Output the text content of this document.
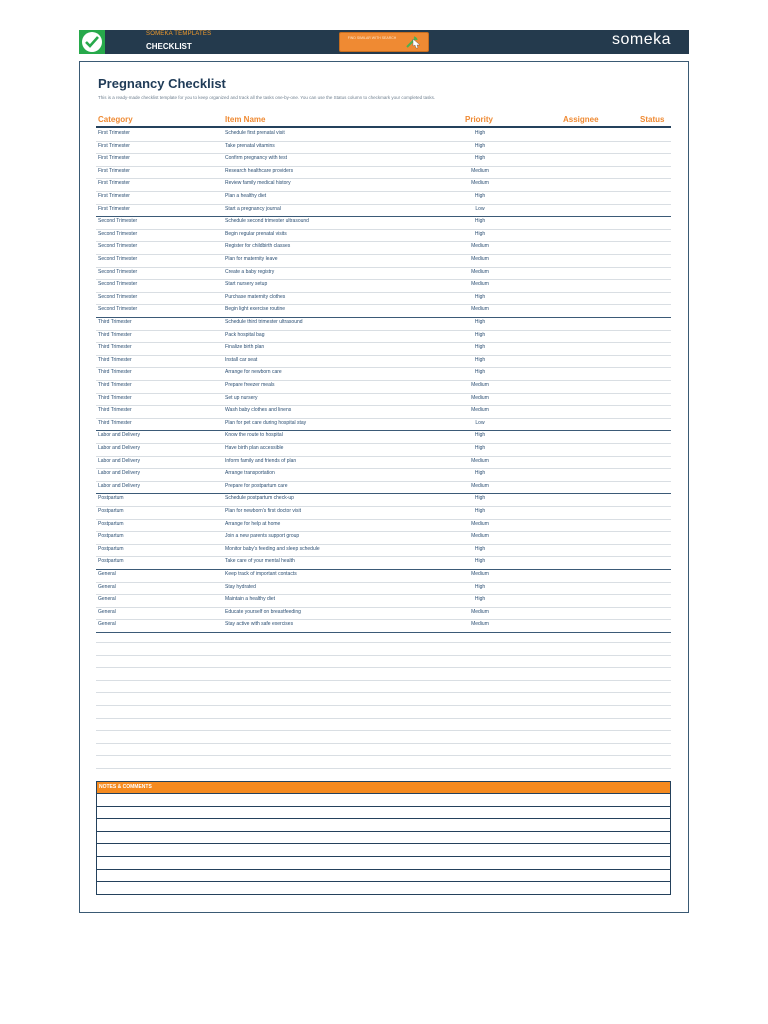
SOMEKA TEMPLATES
CHECKLIST
FIND SIMILAR WITH SEARCH	someka
Pregnancy Checklist
This is a ready-made checklist template for you to keep organized and track all the tasks one-by-one. You can use the Status column to checkmark your completed tasks.
Category	Item Name	Priority	Assignee	Status
First Trimester	Schedule first prenatal visit	High
First Trimester	Take prenatal vitamins	High
First Trimester	Confirm pregnancy with test	High
First Trimester	Research healthcare providers	Medium
First Trimester	Review family medical history	Medium
First Trimester	Plan a healthy diet	High
First Trimester	Start a pregnancy journal	Low
Second Trimester	Schedule second trimester ultrasound	High
Second Trimester	Begin regular prenatal visits	High
Second Trimester	Register for childbirth classes	Medium
Second Trimester	Plan for maternity leave	Medium
Second Trimester	Create a baby registry	Medium
Second Trimester	Start nursery setup	Medium
Second Trimester	Purchase maternity clothes	High
Second Trimester	Begin light exercise routine	Medium
Third Trimester	Schedule third trimester ultrasound	High
Third Trimester	Pack hospital bag	High
Third Trimester	Finalize birth plan	High
Third Trimester	Install car seat	High
Third Trimester	Arrange for newborn care	High
Third Trimester	Prepare freezer meals	Medium
Third Trimester	Set up nursery	Medium
Third Trimester	Wash baby clothes and linens	Medium
Third Trimester	Plan for pet care during hospital stay	Low
Labor and Delivery	Know the route to hospital	High
Labor and Delivery	Have birth plan accessible	High
Labor and Delivery	Inform family and friends of plan	Medium
Labor and Delivery	Arrange transportation	High
Labor and Delivery	Prepare for postpartum care	Medium
Postpartum	Schedule postpartum check-up	High
Postpartum	Plan for newborn's first doctor visit	High
Postpartum	Arrange for help at home	Medium
Postpartum	Join a new parents support group	Medium
Postpartum	Monitor baby's feeding and sleep schedule	High
Postpartum	Take care of your mental health	High
General	Keep track of important contacts	Medium
General	Stay hydrated	High
General	Maintain a healthy diet	High
General	Educate yourself on breastfeeding	Medium
General	Stay active with safe exercises	Medium
NOTES & COMMENTS
